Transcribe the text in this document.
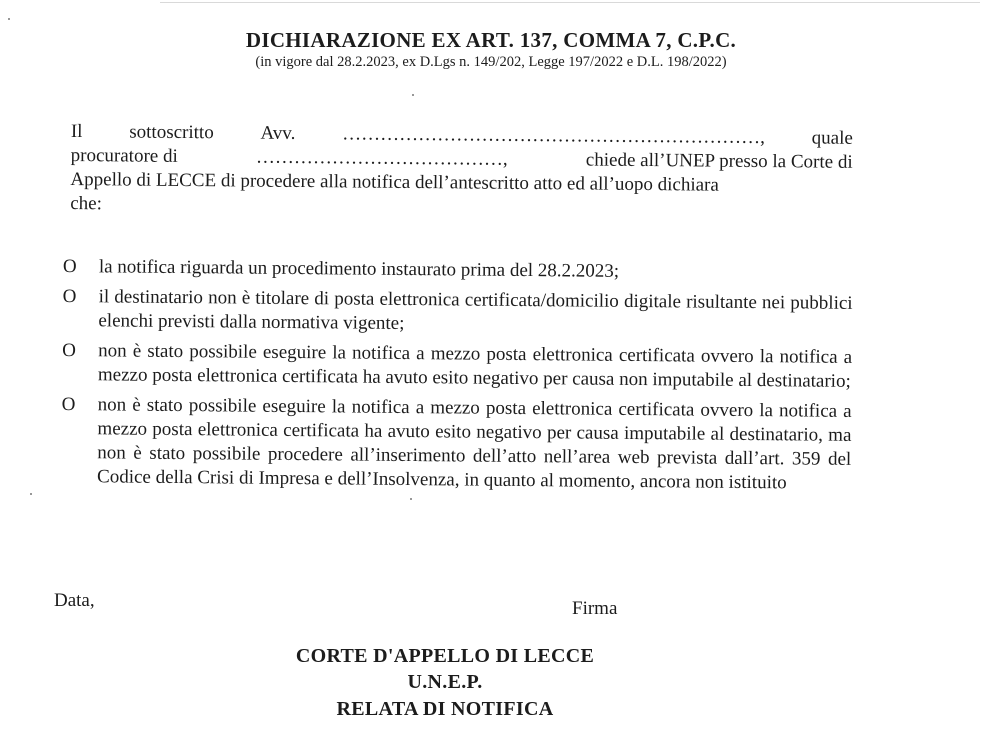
DICHIARAZIONE EX ART. 137, COMMA 7, C.P.C.
(in vigore dal 28.2.2023, ex D.Lgs n. 149/202, Legge 197/2022 e D.L. 198/2022)
Il sottoscritto Avv. …………………………………………………………, quale
procuratore di	…………………………………,	chiede all’UNEP presso la Corte di
Appello di LECCE di procedere alla notifica dell’antescritto atto ed all’uopo dichiara
che:
O la notifica riguarda un procedimento instaurato prima del 28.2.2023;
O il destinatario non è titolare di posta elettronica certificata/domicilio digitale risultante nei pubblici elenchi previsti dalla normativa vigente;
O non è stato possibile eseguire la notifica a mezzo posta elettronica certificata ovvero la notifica a mezzo posta elettronica certificata ha avuto esito negativo per causa non imputabile al destinatario;
O non è stato possibile eseguire la notifica a mezzo posta elettronica certificata ovvero la notifica a mezzo posta elettronica certificata ha avuto esito negativo per causa imputabile al destinatario, ma non è stato possibile procedere all’inserimento dell’atto nell’area web prevista dall’art. 359 del Codice della Crisi di Impresa e dell’Insolvenza, in quanto al momento, ancora non istituito
Data,	Firma
CORTE D'APPELLO DI LECCE
U.N.E.P.
RELATA DI NOTIFICA
